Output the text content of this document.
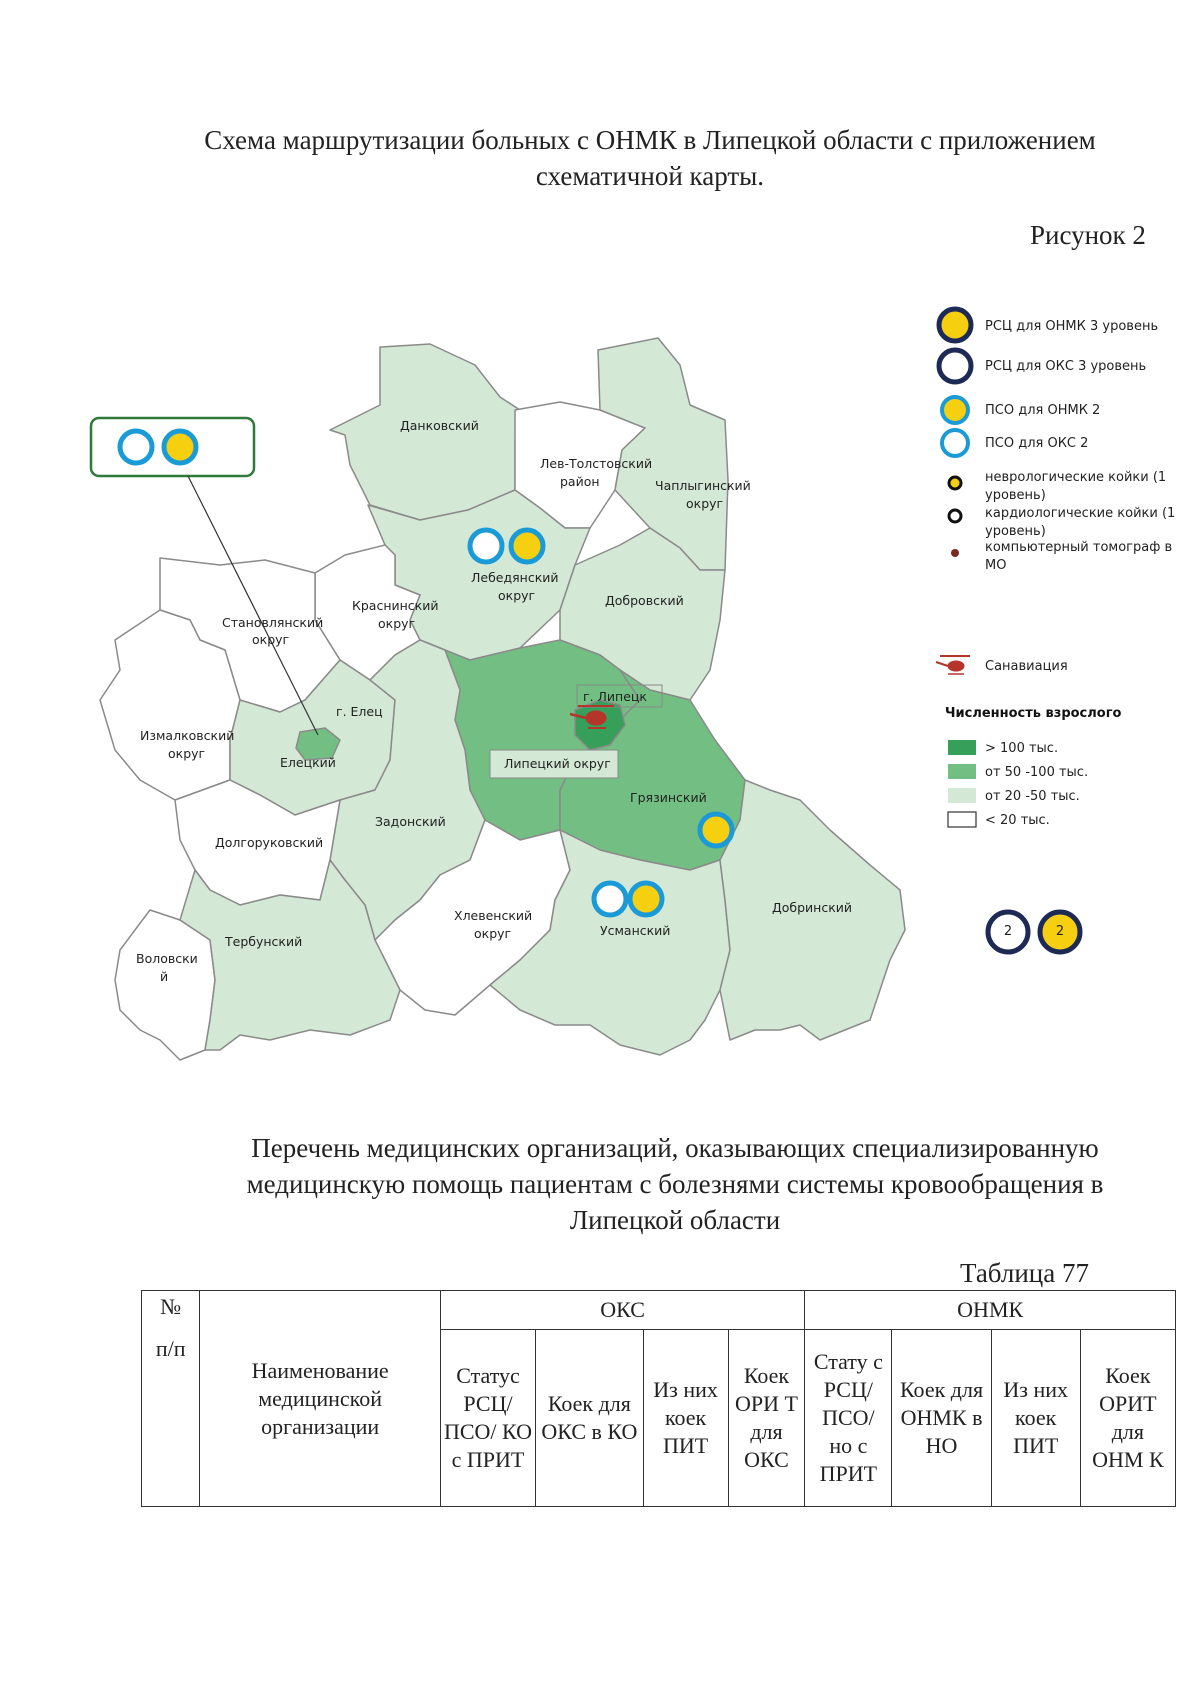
Схема маршрутизации больных с ОНМК в Липецкой области с приложением
схематичной карты.
Рисунок 2
Данковский
Лев-Толстовский
район	Чаплыгинский
округ
Лебедянский
округ
Краснинский
округ
Становлянский
округ
Добровский
г. Липецк
г. Елец
Измалковский
округ
Елецкий	Липецкий округ
Задонский
Грязинский
Долгоруковский
Хлевенский
округ	Усманский
Добринский
Воловски
й
Тербунский
РСЦ для ОНМК 3 уровень
РСЦ для ОКС 3 уровень
ПСО для ОНМК 2
ПСО для ОКС 2
неврологические койки (1
уровень)
кардиологические койки (1
уровень)
компьютерный томограф в
МО
Санавиация
Численность взрослого
> 100 тыс.
от 50 -100 тыс.
от 20 -50 тыс.
< 20 тыс.
2	2
Перечень медицинских организаций, оказывающих специализированную
медицинскую помощь пациентам с болезнями системы кровообращения в
Липецкой области
Таблица 77
№
п/п	Наименование медицинской организации	ОКС				ОНМК			
		Статус РСЦ/ ПСО/ КО с ПРИТ	Коек для ОКС в КО	Из них коек ПИТ	Коек ОРИ Т для ОКС	Стату с РСЦ/ ПСО/ но с ПРИТ	Коек для ОНМК в НО	Из них коек ПИТ	Коек ОРИТ для ОНМ К
